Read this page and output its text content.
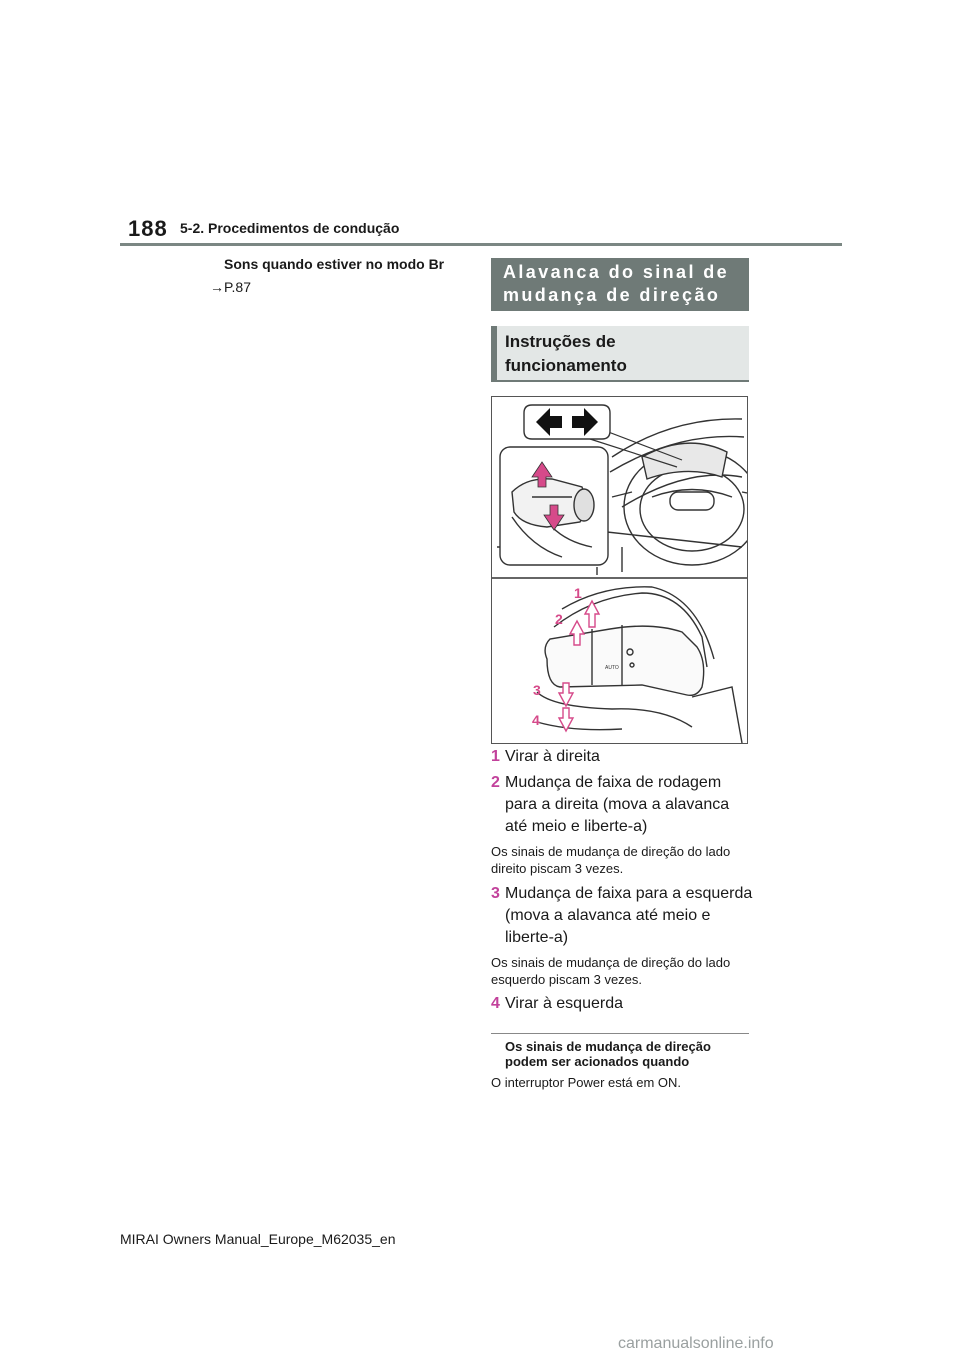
188 5-2. Procedimentos de condução
Sons quando estiver no modo Br
→P.87
Alavanca do sinal de
mudança de direção
Instruções de
funcionamento
AUTO
1
2
3
4
1 Virar à direita
2 Mudança de faixa de rodagem para a direita (mova a alavanca até meio e liberte-a)
Os sinais de mudança de direção do lado direito piscam 3 vezes.
3 Mudança de faixa para a esquerda (mova a alavanca até meio e liberte-a)
Os sinais de mudança de direção do lado esquerdo piscam 3 vezes.
4 Virar à esquerda
Os sinais de mudança de direção podem ser acionados quando
O interruptor Power está em ON.
MIRAI Owners Manual_Europe_M62035_en
carmanualsonline.info
